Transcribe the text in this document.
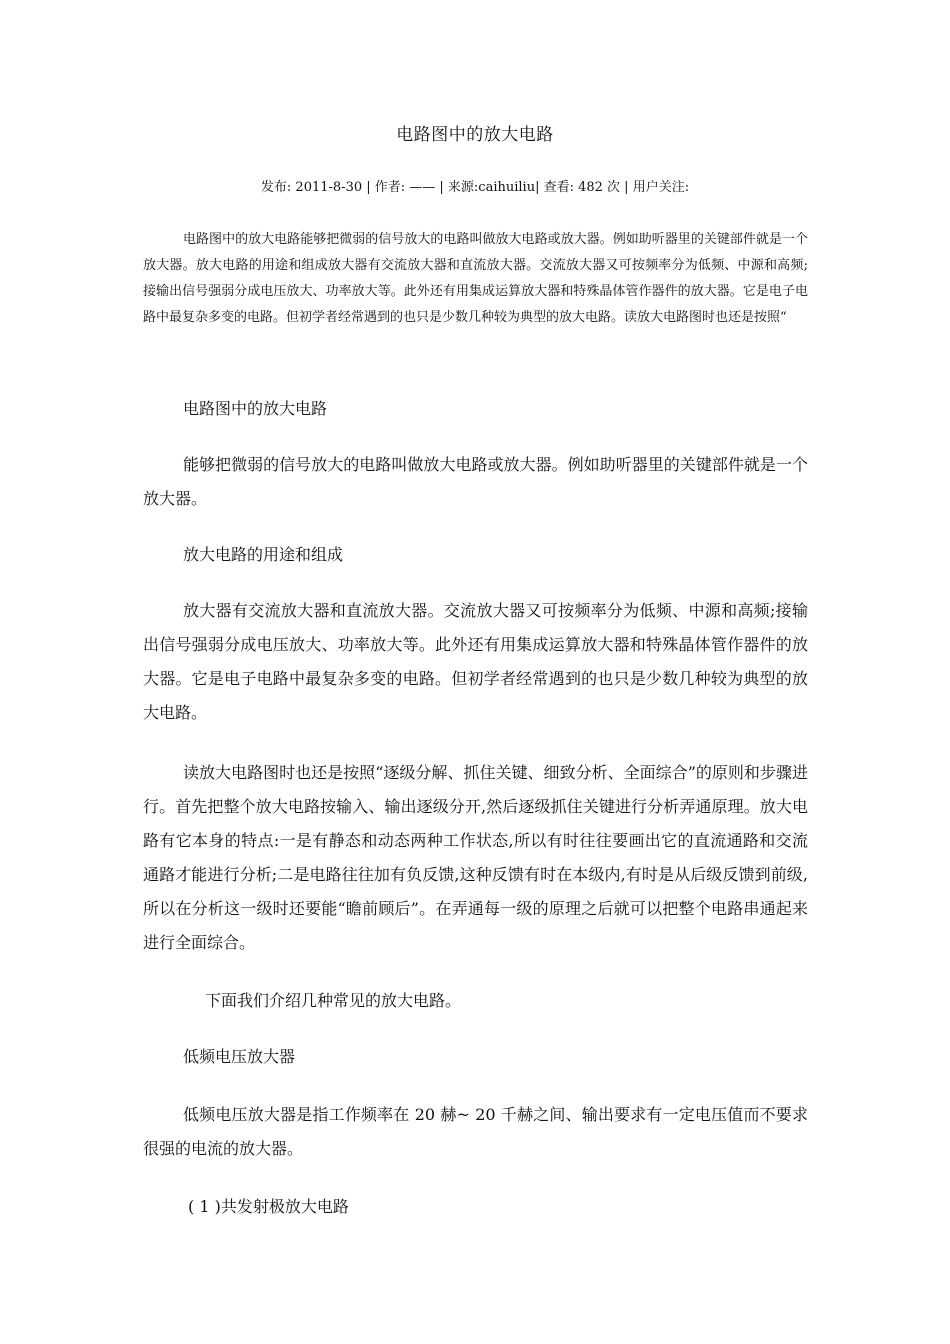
电路图中的放大电路
发布: 2011-8-30 | 作者: —— | 来源:caihuiliu| 查看: 482 次 | 用户关注:

电路图中的放大电路能够把微弱的信号放大的电路叫做放大电路或放大器。例如助听器里的关键部件就是一个放大器。放大电路的用途和组成放大器有交流放大器和直流放大器。交流放大器又可按频率分为低频、中源和高频;接输出信号强弱分成电压放大、功率放大等。此外还有用集成运算放大器和特殊晶体管作器件的放大器。它是电子电路中最复杂多变的电路。但初学者经常遇到的也只是少数几种较为典型的放大电路。读放大电路图时也还是按照“

电路图中的放大电路

能够把微弱的信号放大的电路叫做放大电路或放大器。例如助听器里的关键部件就是一个放大器。

放大电路的用途和组成

放大器有交流放大器和直流放大器。交流放大器又可按频率分为低频、中源和高频;接输出信号强弱分成电压放大、功率放大等。此外还有用集成运算放大器和特殊晶体管作器件的放大器。它是电子电路中最复杂多变的电路。但初学者经常遇到的也只是少数几种较为典型的放大电路。

读放大电路图时也还是按照“逐级分解、抓住关键、细致分析、全面综合”的原则和步骤进行。首先把整个放大电路按输入、输出逐级分开,然后逐级抓住关键进行分析弄通原理。放大电路有它本身的特点:一是有静态和动态两种工作状态,所以有时往往要画出它的直流通路和交流通路才能进行分析;二是电路往往加有负反馈,这种反馈有时在本级内,有时是从后级反馈到前级,所以在分析这一级时还要能“瞻前顾后”。在弄通每一级的原理之后就可以把整个电路串通起来进行全面综合。

下面我们介绍几种常见的放大电路。

低频电压放大器

低频电压放大器是指工作频率在 20 赫~ 20 千赫之间、输出要求有一定电压值而不要求很强的电流的放大器。

( 1 )共发射极放大电路
